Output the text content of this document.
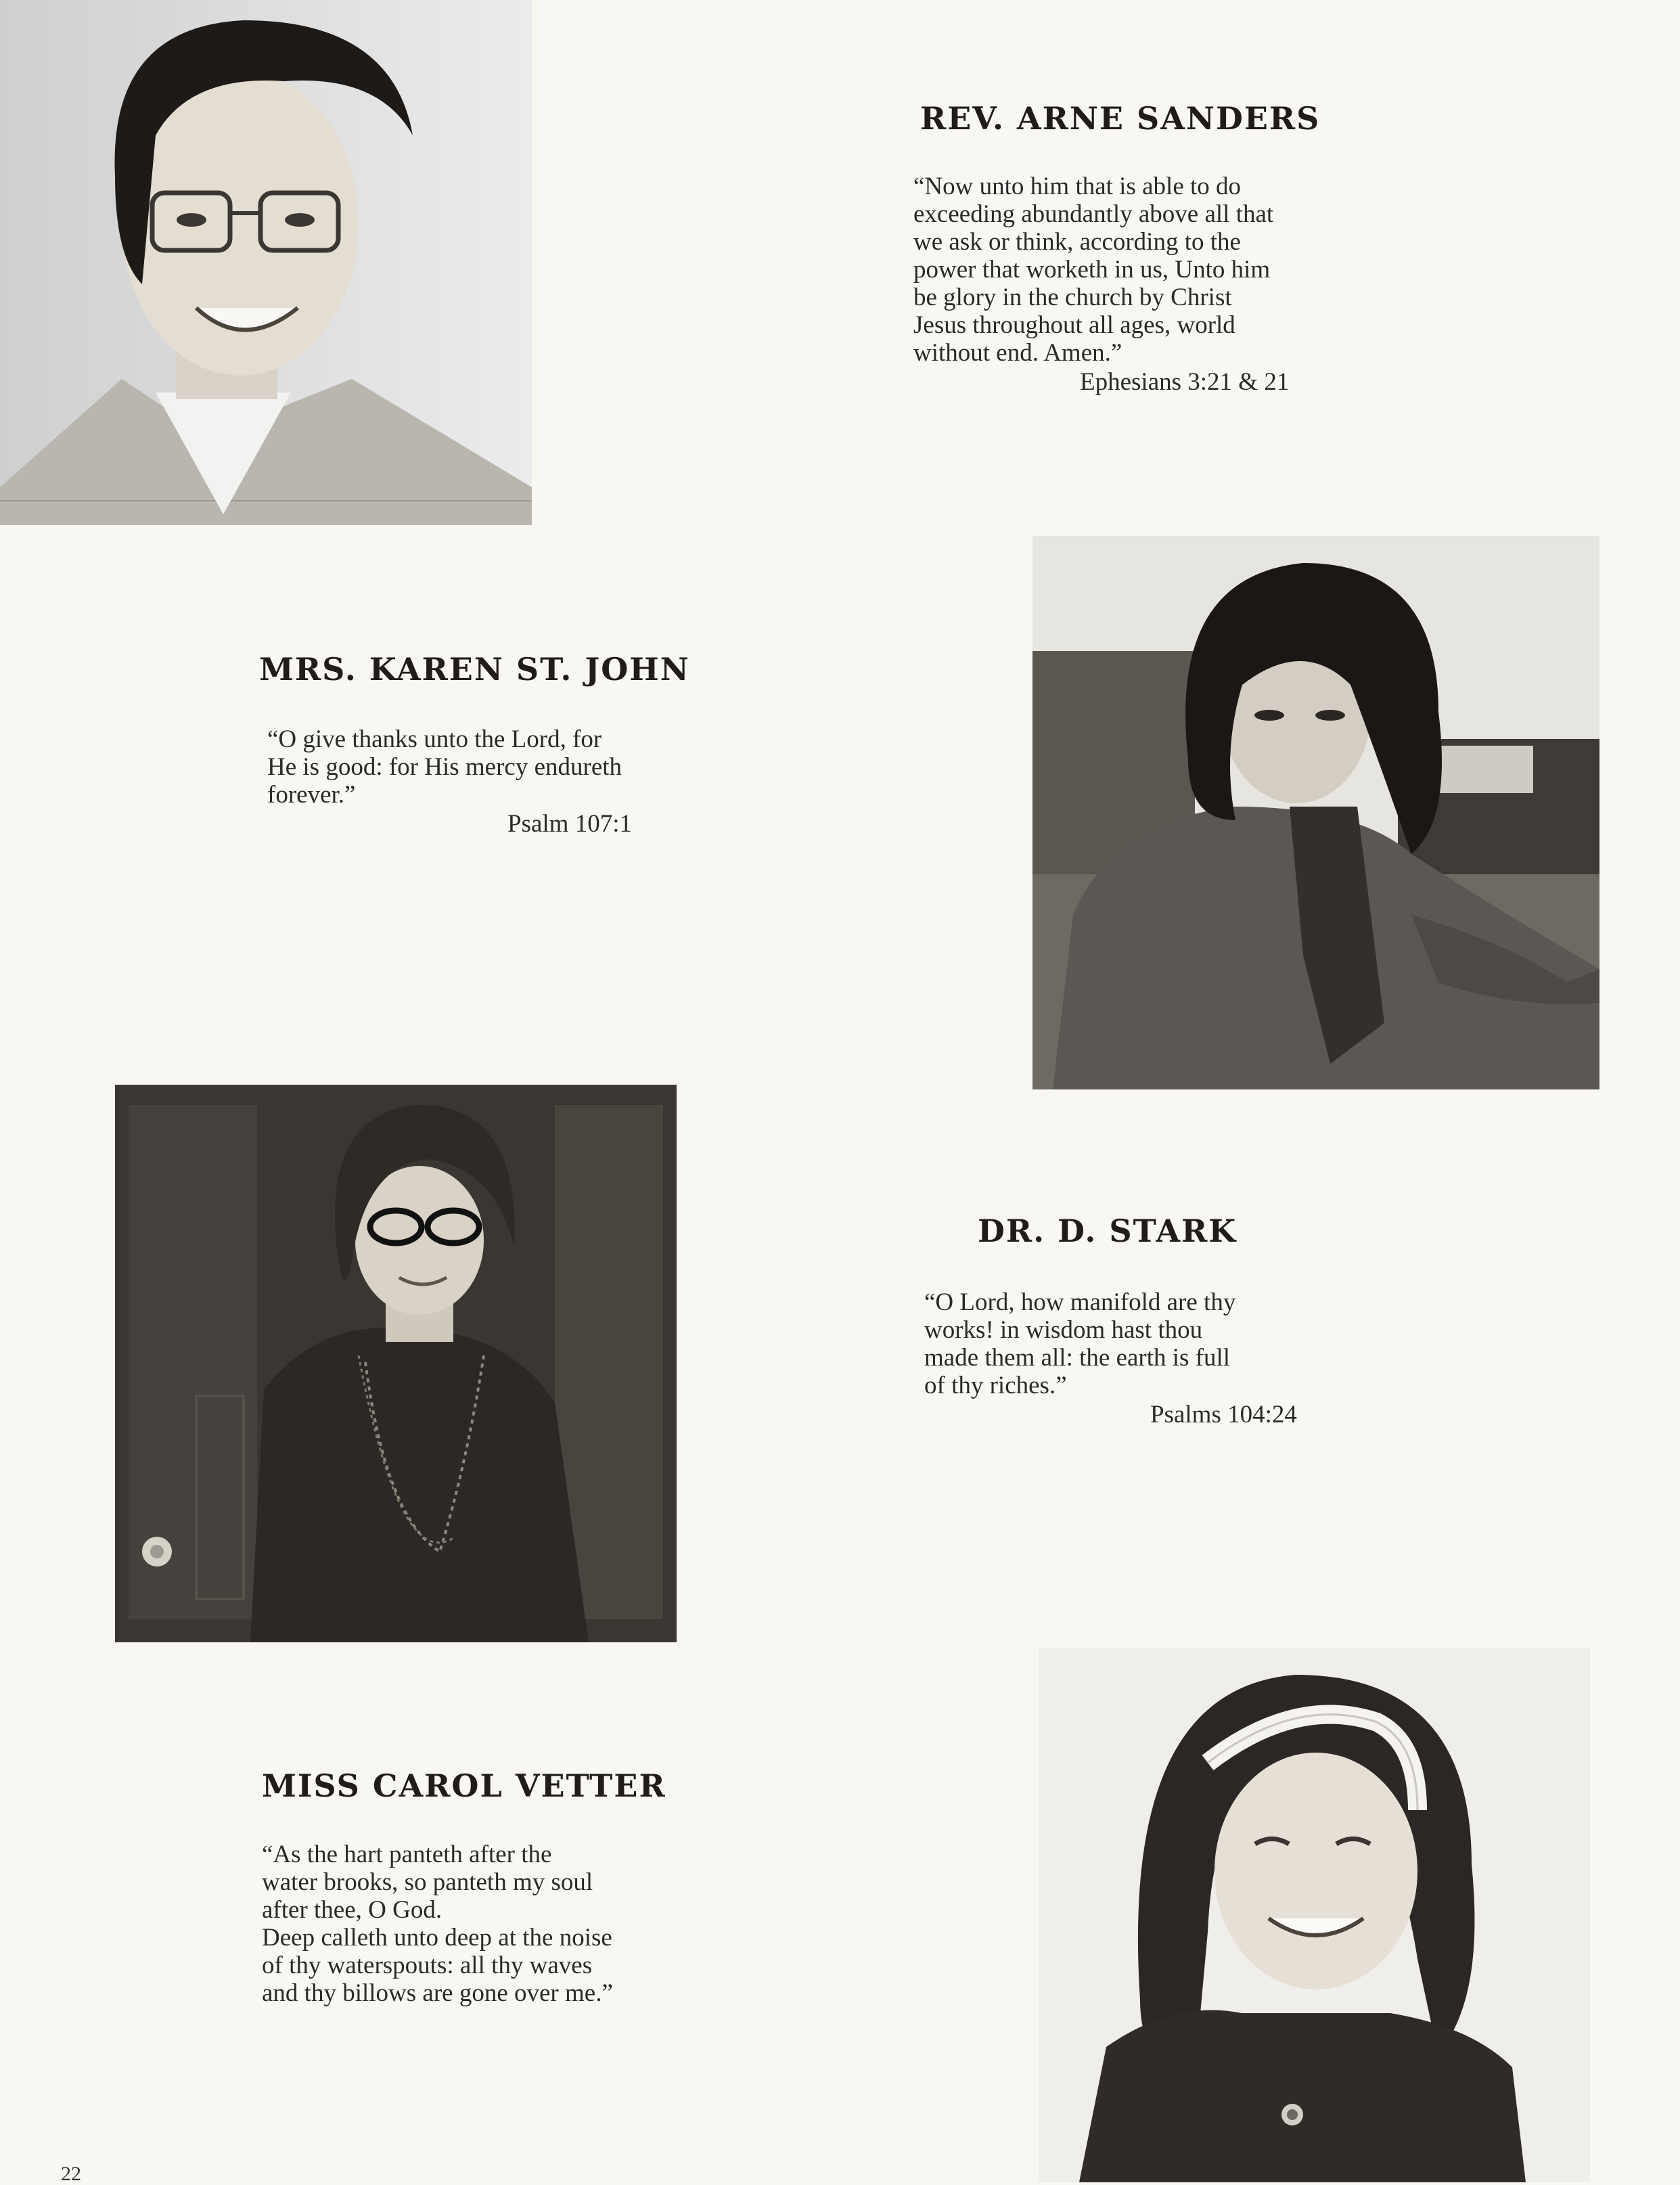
REV. ARNE SANDERS
“Now unto him that is able to do
exceeding abundantly above all that
we ask or think, according to the
power that worketh in us, Unto him
be glory in the church by Christ
Jesus throughout all ages, world
without end. Amen.”
Ephesians 3:21 & 21
MRS. KAREN ST. JOHN
“O give thanks unto the Lord, for
He is good: for His mercy endureth
forever.”
Psalm 107:1
DR. D. STARK
“O Lord, how manifold are thy
works! in wisdom hast thou
made them all: the earth is full
of thy riches.”
Psalms 104:24
MISS CAROL VETTER
“As the hart panteth after the
water brooks, so panteth my soul
after thee, O God.
Deep calleth unto deep at the noise
of thy waterspouts: all thy waves
and thy billows are gone over me.”
22
